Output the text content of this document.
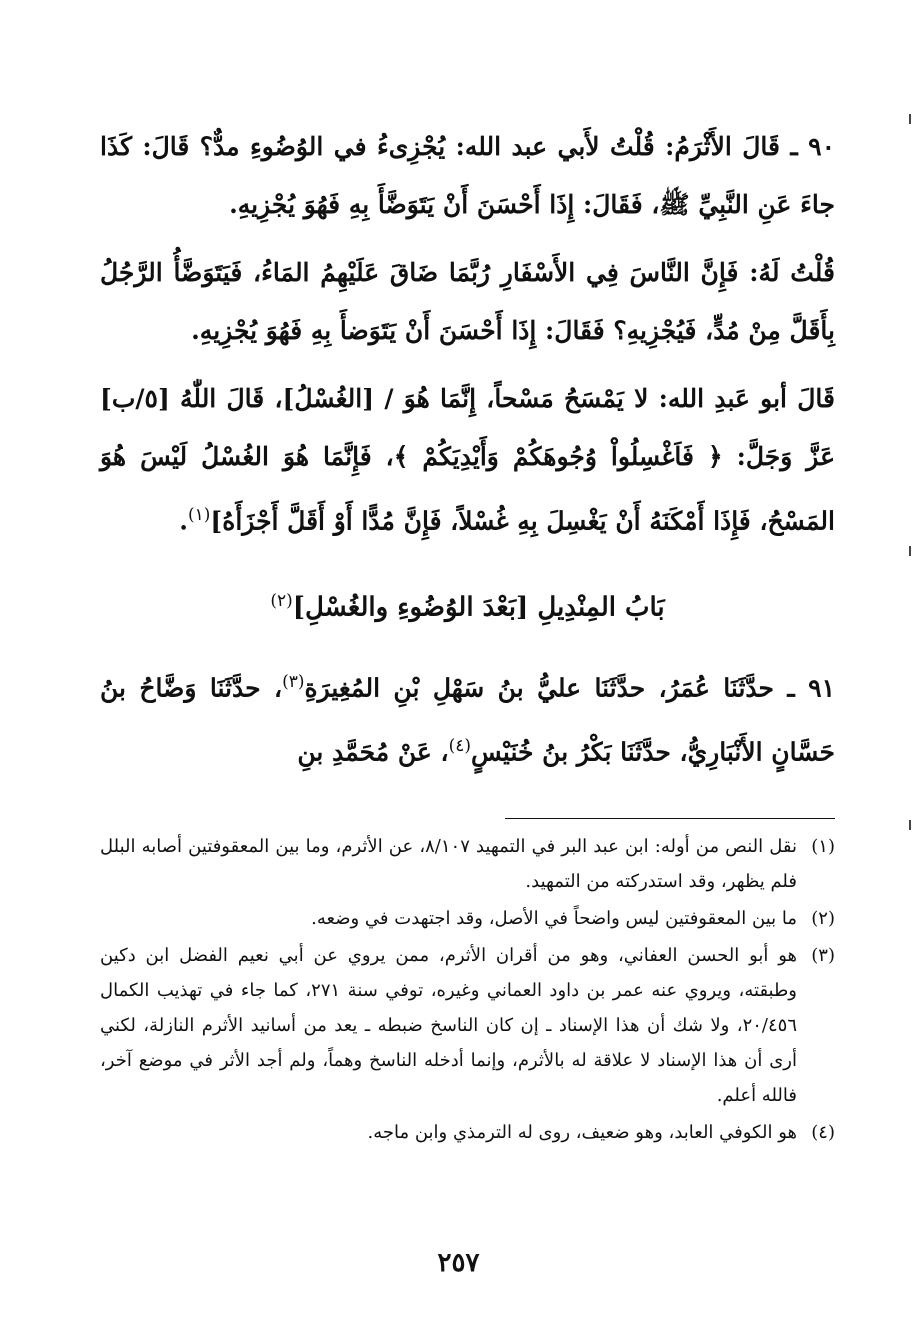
٩٠ ـ قَالَ الأَثْرَمُ: قُلْتُ لأَبي عبد الله: يُجْزِىءُ في الوُضُوءِ مدٌّ؟ قَالَ: كَذَا جاءَ عَنِ النَّبِيِّ ﷺ، فَقَالَ: إِذَا أَحْسَنَ أَنْ يَتَوَضَّأَ بِهِ فَهُوَ يُجْزِيهِ.

قُلْتُ لَهُ: فَإِنَّ النَّاسَ فِي الأَسْفَارِ رُبَّمَا ضَاقَ عَلَيْهِمُ المَاءُ، فَيَتَوَضَّأُ الرَّجُلُ بِأَقَلَّ مِنْ مُدٍّ، فَيُجْزِيهِ؟ فَقَالَ: إِذَا أَحْسَنَ أَنْ يَتَوَضأَ بِهِ فَهُوَ يُجْزِيهِ.

قَالَ أبو عَبدِ الله: لا يَمْسَحُ مَسْحاً، إِنَّمَا هُوَ / [الغُسْلُ]، قَالَ اللّٰهُ [٥/ب] عَزَّ وَجَلَّ: ﴿ فَاَغْسِلُواْ وُجُوهَكُمْ وَأَيْدِيَكُمْ ﴾، فَإِنَّمَا هُوَ الغُسْلُ لَيْسَ هُوَ المَسْحُ، فَإِذَا أَمْكَنَهُ أَنْ يَغْسِلَ بِهِ غُسْلاً، فَإِنَّ مُدًّا أَوْ أَقَلَّ أَجْزَأَهُ]$^{(١)}$.

بَابُ المِنْدِيلِ [بَعْدَ الوُضُوءِ والغُسْلِ]$^{(٢)}$

٩١ ـ حدَّثَنَا عُمَرُ، حدَّثَنَا عليُّ بنُ سَهْلِ بْنِ المُغِيرَةِ$^{(٣)}$، حدَّثَنَا وَضَّاحُ بنُ حَسَّانٍ الأَنْبَارِيُّ، حدَّثَنَا بَكْرُ بنُ خُنَيْسٍ$^{(٤)}$، عَنْ مُحَمَّدِ بنِ

(١)
نقل النص من أوله: ابن عبد البر في التمهيد ٨/١٠٧، عن الأثرم، وما بين المعقوفتين أصابه البلل فلم يظهر، وقد استدركته من التمهيد.
(٢)
ما بين المعقوفتين ليس واضحاً في الأصل، وقد اجتهدت في وضعه.
(٣)
هو أبو الحسن العفاني، وهو من أقران الأثرم، ممن يروي عن أبي نعيم الفضل ابن دكين وطبقته، ويروي عنه عمر بن داود العماني وغيره، توفي سنة ٢٧١، كما جاء في تهذيب الكمال ٢٠/٤٥٦، ولا شك أن هذا الإسناد ـ إن كان الناسخ ضبطه ـ يعد من أسانيد الأثرم النازلة، لكني أرى أن هذا الإسناد لا علاقة له بالأثرم، وإنما أدخله الناسخ وهماً، ولم أجد الأثر في موضع آخر، فالله أعلم.
(٤)
هو الكوفي العابد، وهو ضعيف، روى له الترمذي وابن ماجه.
٢٥٧
